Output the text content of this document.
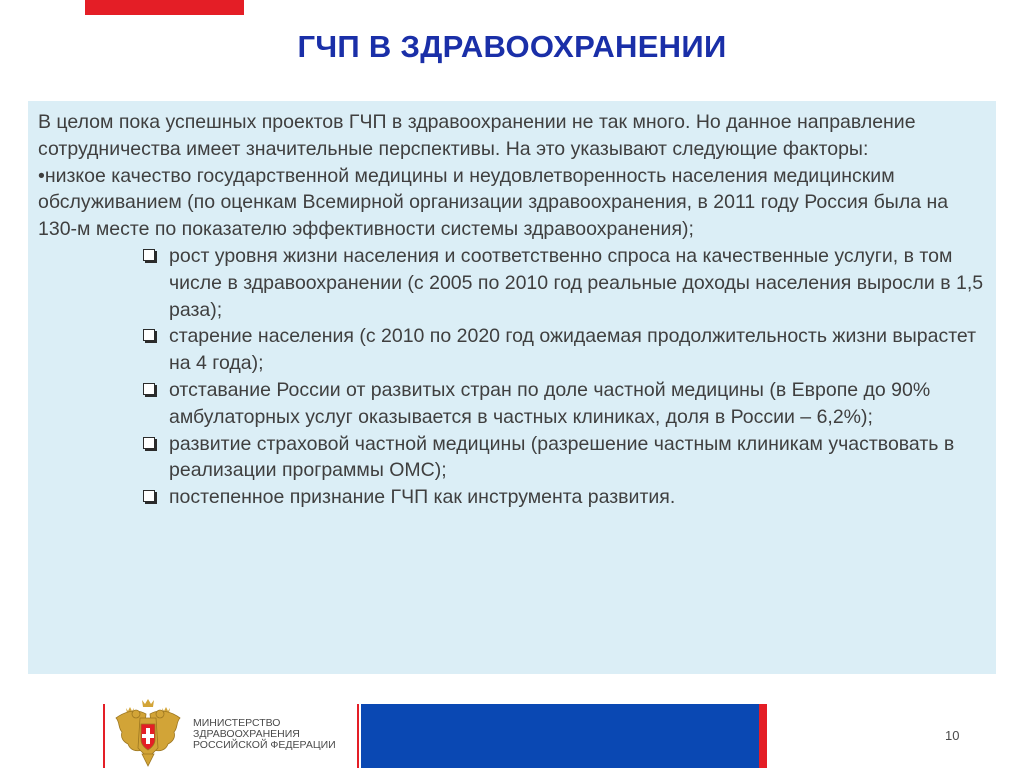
ГЧП В ЗДРАВООХРАНЕНИИ

В целом пока успешных проектов ГЧП в здравоохранении не так много. Но данное направление сотрудничества имеет значительные перспективы. На это указывают следующие факторы:

•низкое качество государственной медицины и неудовлетворенность населения медицинским обслуживанием (по оценкам Всемирной организации здравоохранения, в 2011 году Россия была на 130-м месте по показателю эффективности системы здравоохранения);

рост уровня жизни населения и соответственно спроса на качественные услуги, в том числе в здравоохранении (с 2005 по 2010 год реальные доходы населения выросли в 1,5 раза);
старение населения (с 2010 по 2020 год ожидаемая продолжительность жизни вырастет на 4 года);
отставание России от развитых стран по доле частной медицины (в Европе до 90% амбулаторных услуг оказывается в частных клиниках, доля в России – 6,2%);
развитие страховой частной медицины (разрешение частным клиникам участвовать в реализации программы ОМС);
постепенное признание ГЧП как инструмента развития.
МИНИСТЕРСТВО
ЗДРАВООХРАНЕНИЯ
РОССИЙСКОЙ ФЕДЕРАЦИИ
10
